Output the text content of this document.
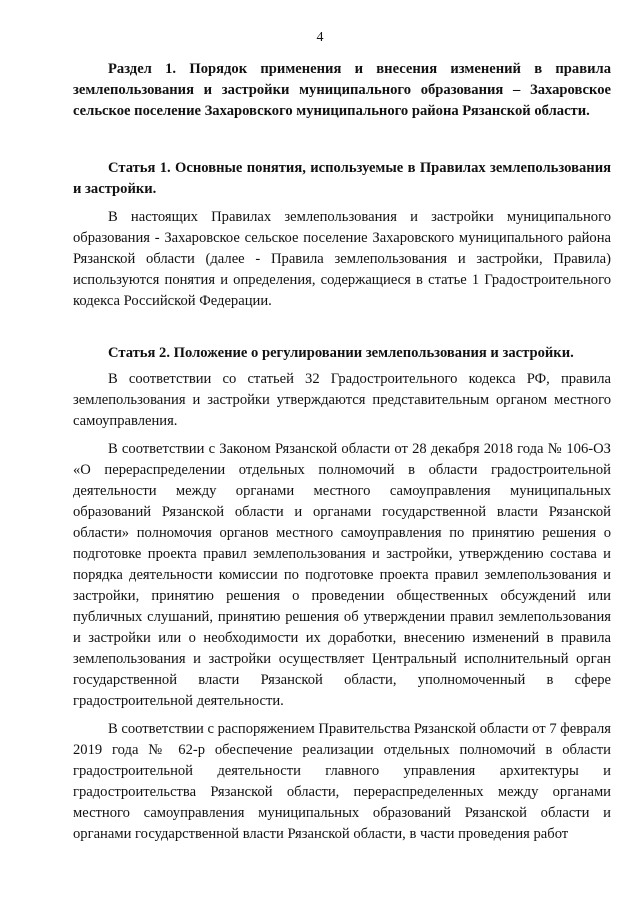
4

Раздел 1. Порядок применения и внесения изменений в правила землепользования и застройки муниципального образования – Захаровское сельское поселение Захаровского муниципального района Рязанской области.

Статья 1. Основные понятия, используемые в Правилах землепользования и застройки.

В настоящих Правилах землепользования и застройки муниципального образования - Захаровское сельское поселение Захаровского муниципального района Рязанской области (далее - Правила землепользования и застройки, Правила) используются понятия и определения, содержащиеся в статье 1 Градостроительного кодекса Российской Федерации.

Статья 2. Положение о регулировании землепользования и застройки.

В соответствии со статьей 32 Градостроительного кодекса РФ, правила землепользования и застройки утверждаются представительным органом местного самоуправления.

В соответствии с Законом Рязанской области от 28 декабря 2018 года № 106-ОЗ «О перераспределении отдельных полномочий в области градостроительной деятельности между органами местного самоуправления муниципальных образований Рязанской области и органами государственной власти Рязанской области» полномочия органов местного самоуправления по принятию решения о подготовке проекта правил землепользования и застройки, утверждению состава и порядка деятельности комиссии по подготовке проекта правил землепользования и застройки, принятию решения о проведении общественных обсуждений или публичных слушаний, принятию решения об утверждении правил землепользования и застройки или о необходимости их доработки, внесению изменений в правила землепользования и застройки осуществляет Центральный исполнительный орган государственной власти Рязанской области, уполномоченный в сфере градостроительной деятельности.

В соответствии с распоряжением Правительства Рязанской области от 7 февраля 2019 года № 62-р обеспечение реализации отдельных полномочий в области градостроительной деятельности главного управления архитектуры и градостроительства Рязанской области, перераспределенных между органами местного самоуправления муниципальных образований Рязанской области и органами государственной власти Рязанской области, в части проведения работ
